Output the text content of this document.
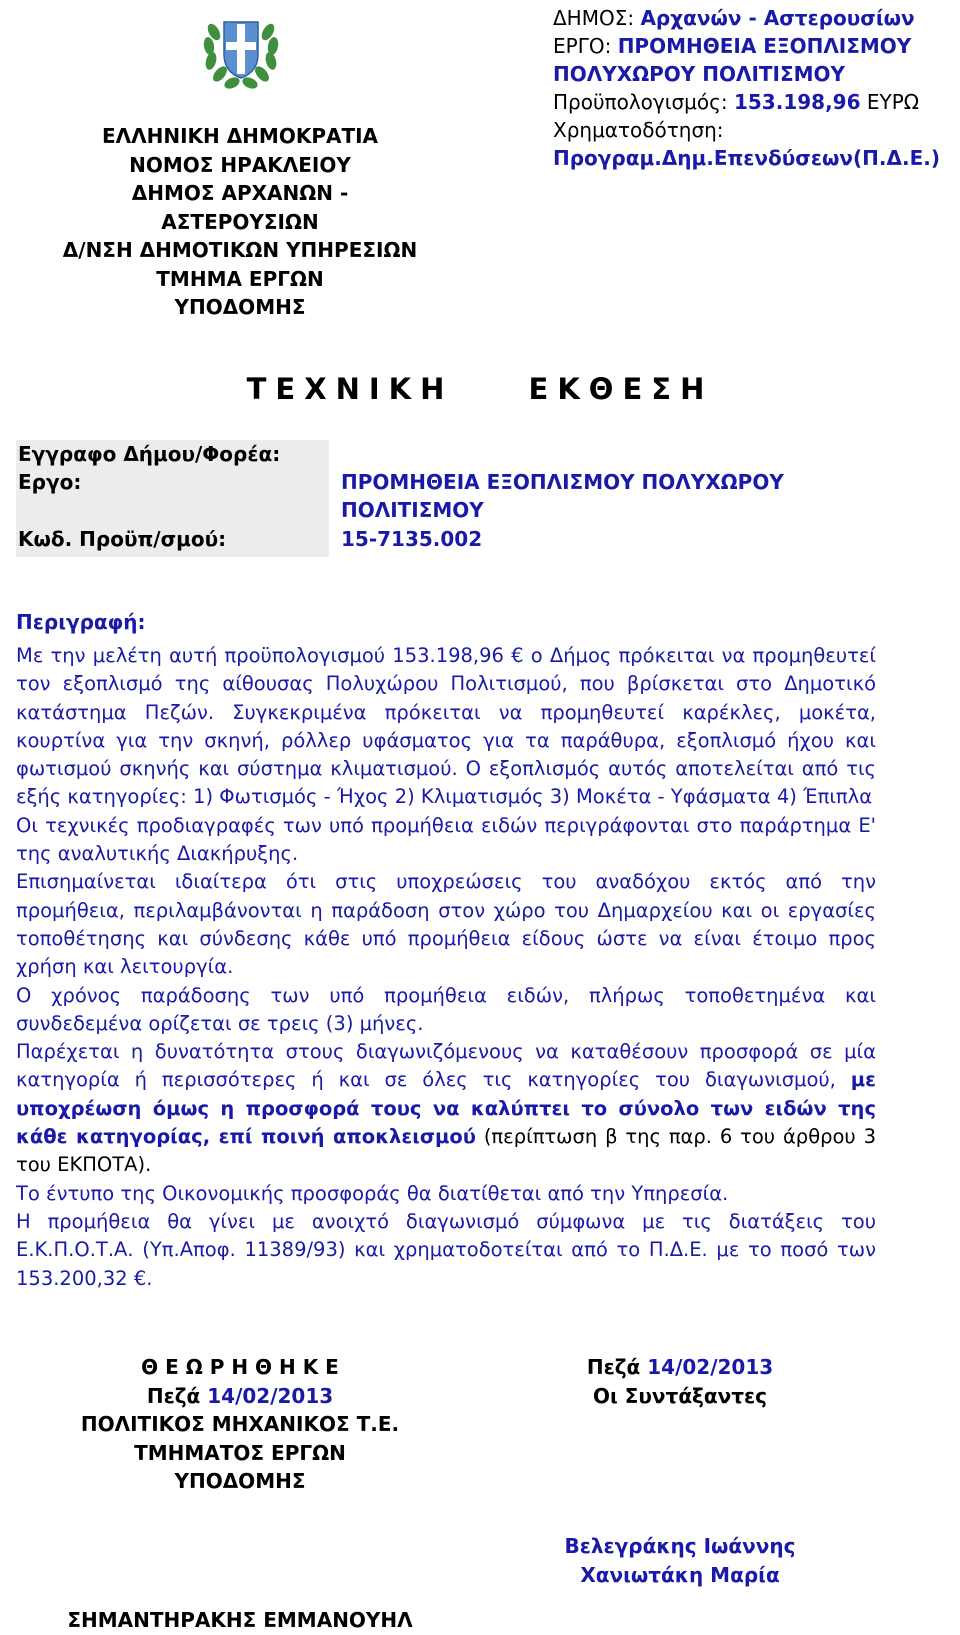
ΕΛΛΗΝΙΚΗ ΔΗΜΟΚΡΑΤΙΑ
ΝΟΜΟΣ ΗΡΑΚΛΕΙΟΥ
ΔΗΜΟΣ ΑΡΧΑΝΩΝ - ΑΣΤΕΡΟΥΣΙΩΝ
Δ/ΝΣΗ ΔΗΜΟΤΙΚΩΝ ΥΠΗΡΕΣΙΩΝ
ΤΜΗΜΑ ΕΡΓΩΝ
ΥΠΟΔΟΜΗΣ
ΔΗΜΟΣ: Αρχανών - Αστερουσίων
ΕΡΓΟ: ΠΡΟΜΗΘΕΙΑ ΕΞΟΠΛΙΣΜΟΥ
ΠΟΛΥΧΩΡΟΥ ΠΟΛΙΤΙΣΜΟΥ
Προϋπολογισμός: 153.198,96 ΕΥΡΩ
Χρηματοδότηση:
Προγραμ.Δημ.Επενδύσεων(Π.Δ.Ε.)
ΤΕΧΝΙΚΗ	ΕΚΘΕΣΗ
Εγγραφο Δήμου/Φορέα:
Εργο:
Κωδ. Προϋπ/σμού:
ΠΡΟΜΗΘΕΙΑ ΕΞΟΠΛΙΣΜΟΥ ΠΟΛΥΧΩΡΟΥ
ΠΟΛΙΤΙΣΜΟΥ
15-7135.002
Περιγραφή:

Με την μελέτη αυτή προϋπολογισμού 153.198,96 € ο Δήμος πρόκειται να προμηθευτεί τον εξοπλισμό της αίθουσας Πολυχώρου Πολιτισμού, που βρίσκεται στο Δημοτικό κατάστημα Πεζών. Συγκεκριμένα πρόκειται να προμηθευτεί καρέκλες, μοκέτα, κουρτίνα για την σκηνή, ρόλλερ υφάσματος για τα παράθυρα, εξοπλισμό ήχου και φωτισμού σκηνής και σύστημα κλιματισμού. Ο εξοπλισμός αυτός αποτελείται από τις εξής κατηγορίες: 1) Φωτισμός - Ήχος 2) Κλιματισμός 3) Μοκέτα - Υφάσματα 4) Έπιπλα

Οι τεχνικές προδιαγραφές των υπό προμήθεια ειδών περιγράφονται στο παράρτημα Ε' της αναλυτικής Διακήρυξης.

Επισημαίνεται ιδιαίτερα ότι στις υποχρεώσεις του αναδόχου εκτός από την προμήθεια, περιλαμβάνονται η παράδοση στον χώρο του Δημαρχείου και οι εργασίες τοποθέτησης και σύνδεσης κάθε υπό προμήθεια είδους ώστε να είναι έτοιμο προς χρήση και λειτουργία.

Ο χρόνος παράδοσης των υπό προμήθεια ειδών, πλήρως τοποθετημένα και συνδεδεμένα ορίζεται σε τρεις (3) μήνες.

Παρέχεται η δυνατότητα στους διαγωνιζόμενους να καταθέσουν προσφορά σε μία κατηγορία ή περισσότερες ή και σε όλες τις κατηγορίες του διαγωνισμού, με υποχρέωση όμως η προσφορά τους να καλύπτει το σύνολο των ειδών της κάθε κατηγορίας, επί ποινή αποκλεισμού (περίπτωση β της παρ. 6 του άρθρου 3 του ΕΚΠΟΤΑ).

Το έντυπο της Οικονομικής προσφοράς θα διατίθεται από την Υπηρεσία.

Η προμήθεια θα γίνει με ανοιχτό διαγωνισμό σύμφωνα με τις διατάξεις του Ε.Κ.Π.Ο.Τ.Α. (Υπ.Αποφ. 11389/93) και χρηματοδοτείται από το Π.Δ.Ε. με το ποσό των 153.200,32 €.

Θ Ε Ω Ρ Η Θ Η Κ Ε
Πεζά 14/02/2013
ΠΟΛΙΤΙΚΟΣ ΜΗΧΑΝΙΚΟΣ Τ.Ε.
ΤΜΗΜΑΤΟΣ ΕΡΓΩΝ
ΥΠΟΔΟΜΗΣ
ΣΗΜΑΝΤΗΡΑΚΗΣ ΕΜΜΑΝΟΥΗΛ
Πεζά 14/02/2013
Οι Συντάξαντες
Βελεγράκης Ιωάννης
Χανιωτάκη Μαρία
